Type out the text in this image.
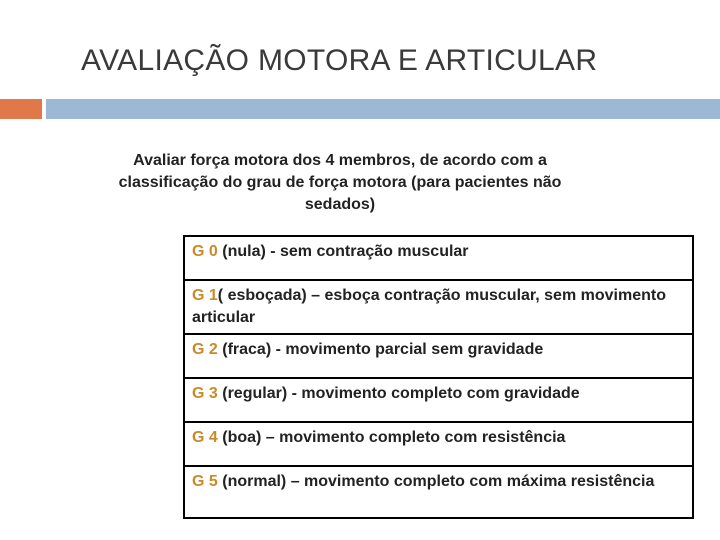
AVALIAÇÃO MOTORA E ARTICULAR
Avaliar força motora dos 4 membros, de acordo com a classificação do grau de força motora (para pacientes não sedados)
G 0 (nula) - sem contração muscular
G 1( esboçada) – esboça contração muscular, sem movimento articular
G 2 (fraca) - movimento parcial sem gravidade
G 3 (regular) - movimento completo com gravidade
G 4 (boa) – movimento completo com resistência
G 5 (normal) – movimento completo com máxima resistência
